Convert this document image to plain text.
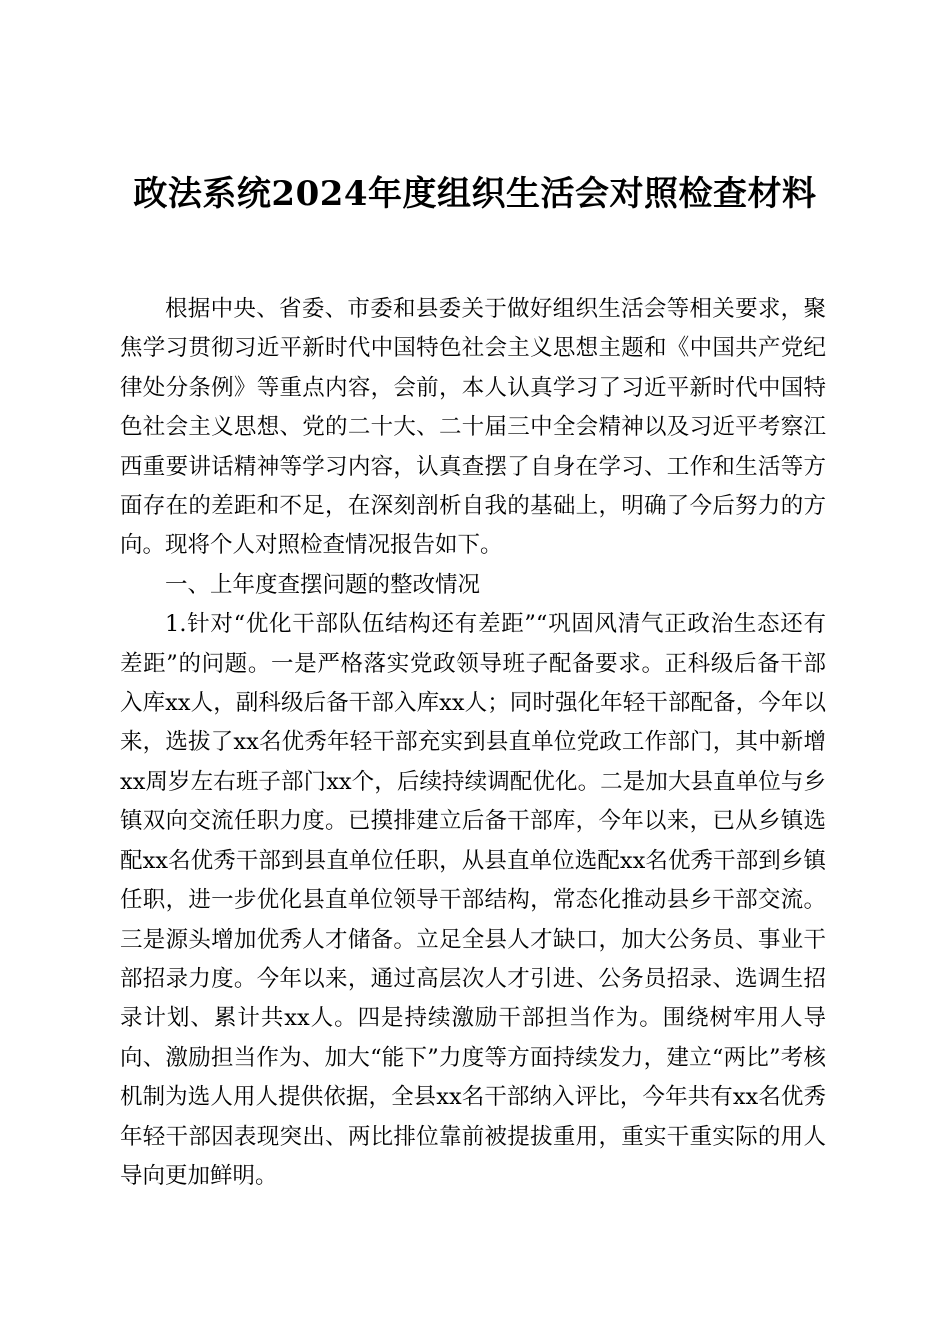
政法系统2024年度组织生活会对照检查材料

根据中央、省委、市委和县委关于做好组织生活会等相关要求，聚焦学习贯彻习近平新时代中国特色社会主义思想主题和《中国共产党纪律处分条例》等重点内容，会前，本人认真学习了习近平新时代中国特色社会主义思想、党的二十大、二十届三中全会精神以及习近平考察江西重要讲话精神等学习内容，认真查摆了自身在学习、工作和生活等方面存在的差距和不足，在深刻剖析自我的基础上，明确了今后努力的方向。现将个人对照检查情况报告如下。

一、上年度查摆问题的整改情况

1.针对“优化干部队伍结构还有差距”“巩固风清气正政治生态还有差距”的问题。一是严格落实党政领导班子配备要求。正科级后备干部入库xx人，副科级后备干部入库xx人；同时强化年轻干部配备，今年以来，选拔了xx名优秀年轻干部充实到县直单位党政工作部门，其中新增xx周岁左右班子部门xx个，后续持续调配优化。二是加大县直单位与乡镇双向交流任职力度。已摸排建立后备干部库，今年以来，已从乡镇选配xx名优秀干部到县直单位任职，从县直单位选配xx名优秀干部到乡镇任职，进一步优化县直单位领导干部结构，常态化推动县乡干部交流。三是源头增加优秀人才储备。立足全县人才缺口，加大公务员、事业干部招录力度。今年以来，通过高层次人才引进、公务员招录、选调生招录计划、累计共xx人。四是持续激励干部担当作为。围绕树牢用人导向、激励担当作为、加大“能下”力度等方面持续发力，建立“两比”考核机制为选人用人提供依据，全县xx名干部纳入评比，今年共有xx名优秀年轻干部因表现突出、两比排位靠前被提拔重用，重实干重实际的用人导向更加鲜明。
